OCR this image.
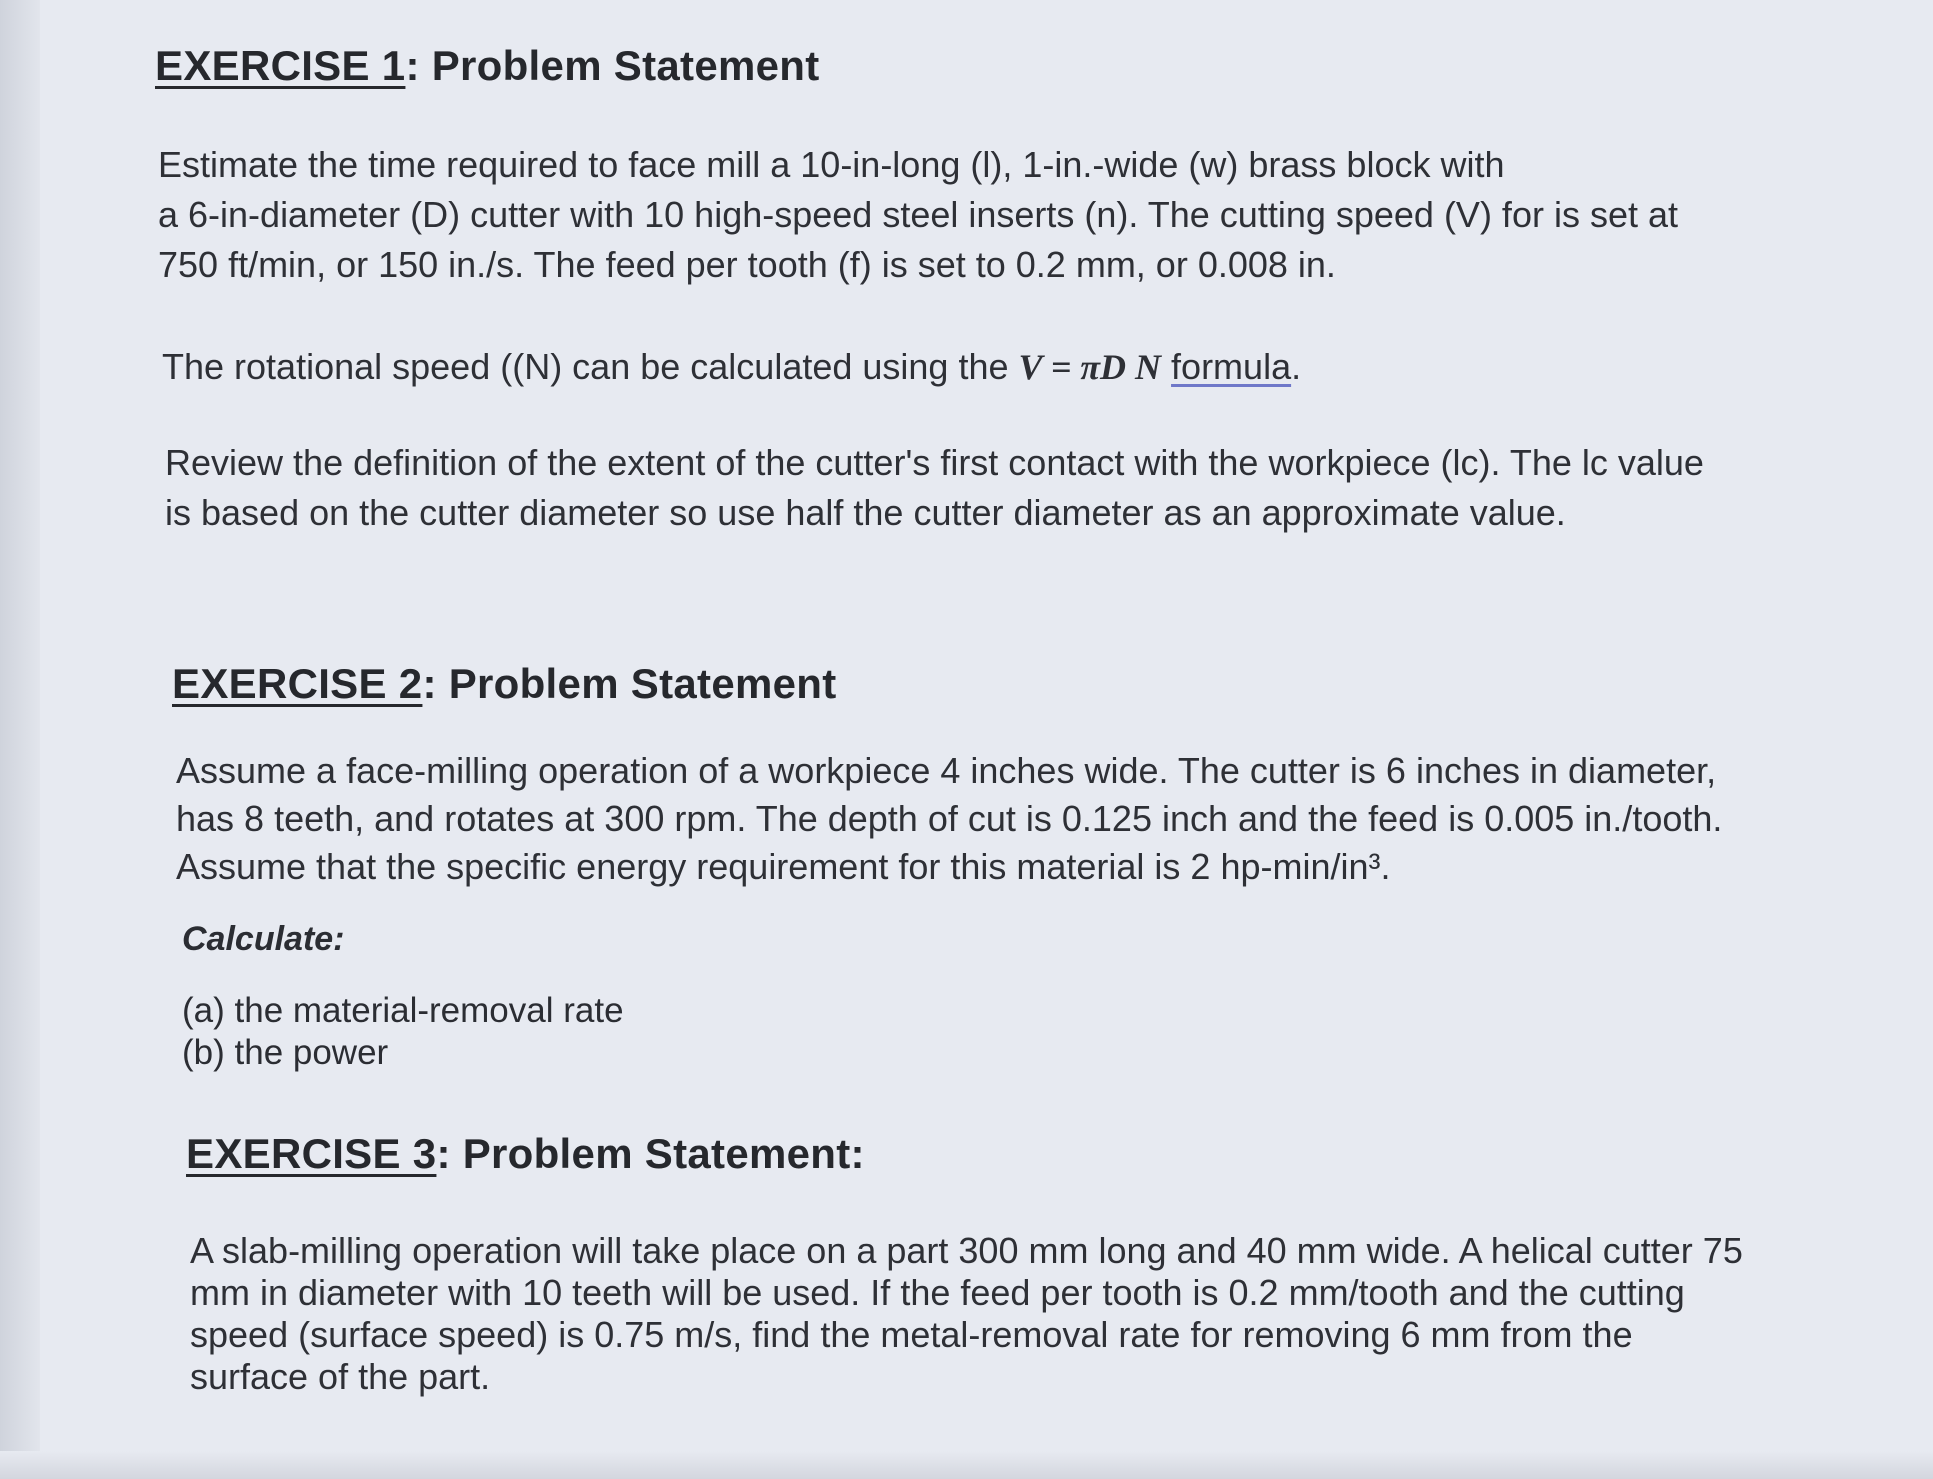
EXERCISE 1: Problem Statement

Estimate the time required to face mill a 10-in-long (l), 1-in.-wide (w) brass block with

a 6-in-diameter (D) cutter with 10 high-speed steel inserts (n). The cutting speed (V) for is set at

750 ft/min, or 150 in./s. The feed per tooth (f) is set to 0.2 mm, or 0.008 in.

The rotational speed ((N) can be calculated using the V = πD N formula.

Review the definition of the extent of the cutter's first contact with the workpiece (lc). The lc value

is based on the cutter diameter so use half the cutter diameter as an approximate value.

EXERCISE 2: Problem Statement

Assume a face-milling operation of a workpiece 4 inches wide. The cutter is 6 inches in diameter,

has 8 teeth, and rotates at 300 rpm. The depth of cut is 0.125 inch and the feed is 0.005 in./tooth.

Assume that the specific energy requirement for this material is 2 hp-min/in³.

Calculate:

(a) the material-removal rate

(b) the power

EXERCISE 3: Problem Statement:

A slab-milling operation will take place on a part 300 mm long and 40 mm wide. A helical cutter 75

mm in diameter with 10 teeth will be used. If the feed per tooth is 0.2 mm/tooth and the cutting

speed (surface speed) is 0.75 m/s, find the metal-removal rate for removing 6 mm from the

surface of the part.
